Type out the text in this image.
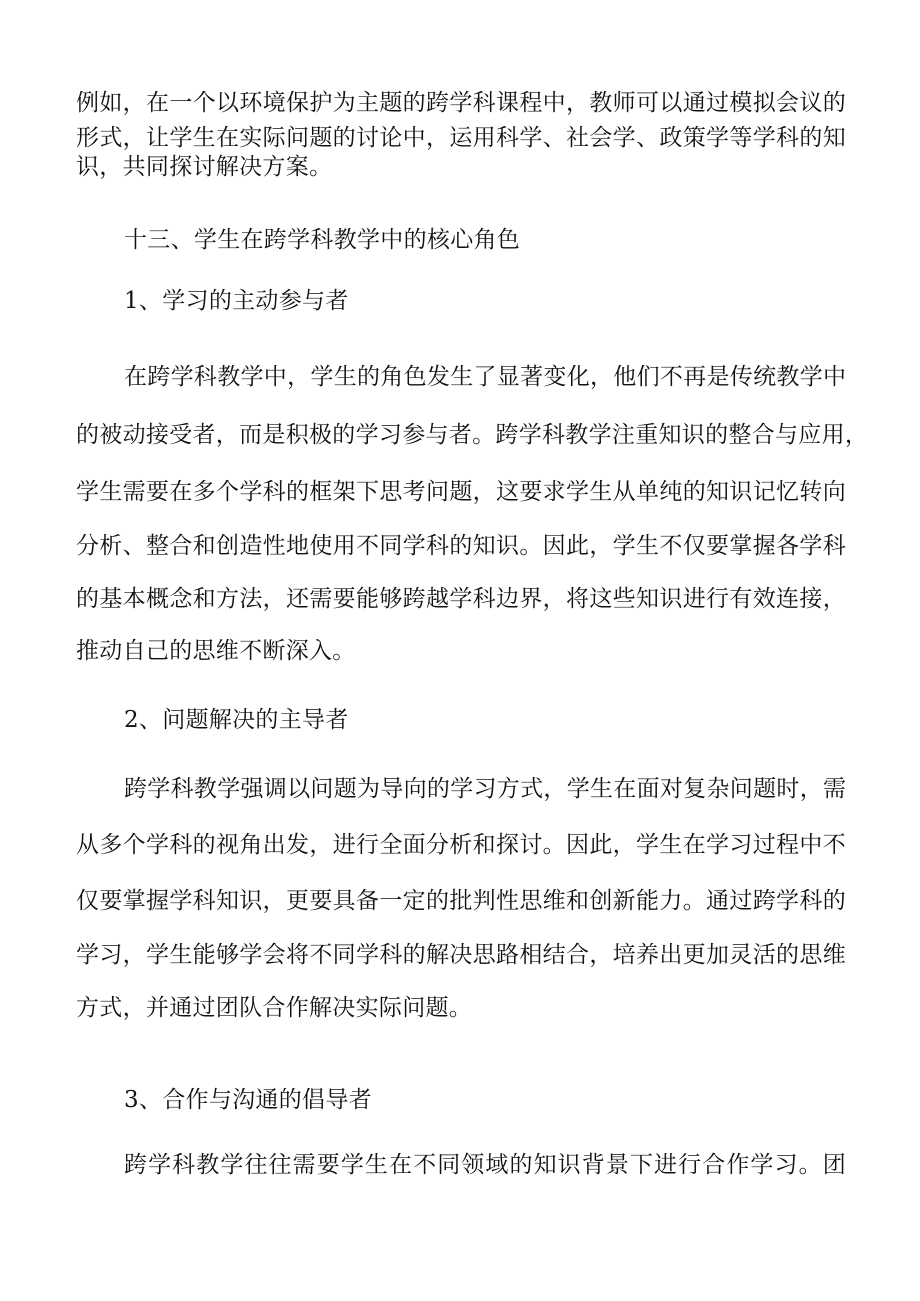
例如，在一个以环境保护为主题的跨学科课程中，教师可以通过模拟会议的
形式，让学生在实际问题的讨论中，运用科学、社会学、政策学等学科的知
识，共同探讨解决方案。
十三、学生在跨学科教学中的核心角色
1、学习的主动参与者
在跨学科教学中，学生的角色发生了显著变化，他们不再是传统教学中
的被动接受者，而是积极的学习参与者。跨学科教学注重知识的整合与应用，
学生需要在多个学科的框架下思考问题，这要求学生从单纯的知识记忆转向
分析、整合和创造性地使用不同学科的知识。因此，学生不仅要掌握各学科
的基本概念和方法，还需要能够跨越学科边界，将这些知识进行有效连接，
推动自己的思维不断深入。
2、问题解决的主导者
跨学科教学强调以问题为导向的学习方式，学生在面对复杂问题时，需
从多个学科的视角出发，进行全面分析和探讨。因此，学生在学习过程中不
仅要掌握学科知识，更要具备一定的批判性思维和创新能力。通过跨学科的
学习，学生能够学会将不同学科的解决思路相结合，培养出更加灵活的思维
方式，并通过团队合作解决实际问题。
3、合作与沟通的倡导者
跨学科教学往往需要学生在不同领域的知识背景下进行合作学习。团
